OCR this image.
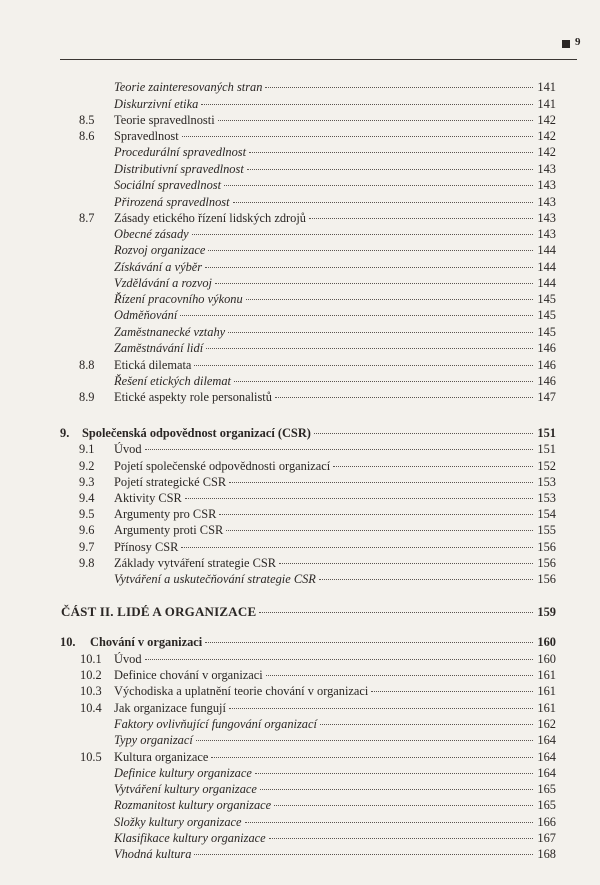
9
Teorie zainteresovaných stran	141
Diskurzivní etika	141
8.5 Teorie spravedlnosti	142
8.6 Spravedlnost	142
Procedurální spravedlnost	142
Distributivní spravedlnost	143
Sociální spravedlnost	143
Přirozená spravedlnost	143
8.7 Zásady etického řízení lidských zdrojů	143
Obecné zásady	143
Rozvoj organizace	144
Získávání a výběr	144
Vzdělávání a rozvoj	144
Řízení pracovního výkonu	145
Odměňování	145
Zaměstnanecké vztahy	145
Zaměstnávání lidí	146
8.8 Etická dilemata	146
Řešení etických dilemat	146
8.9 Etické aspekty role personalistů	147
9. Společenská odpovědnost organizací (CSR)	151
9.1 Úvod	151
9.2 Pojetí společenské odpovědnosti organizací	152
9.3 Pojetí strategické CSR	153
9.4 Aktivity CSR	153
9.5 Argumenty pro CSR	154
9.6 Argumenty proti CSR	155
9.7 Přínosy CSR	156
9.8 Základy vytváření strategie CSR	156
Vytváření a uskutečňování strategie CSR	156
ČÁST II. LIDÉ A ORGANIZACE	159
10. Chování v organizaci	160
10.1 Úvod	160
10.2 Definice chování v organizaci	161
10.3 Východiska a uplatnění teorie chování v organizaci	161
10.4 Jak organizace fungují	161
Faktory ovlivňující fungování organizací	162
Typy organizací	164
10.5 Kultura organizace	164
Definice kultury organizace	164
Vytváření kultury organizace	165
Rozmanitost kultury organizace	165
Složky kultury organizace	166
Klasifikace kultury organizace	167
Vhodná kultura	168
